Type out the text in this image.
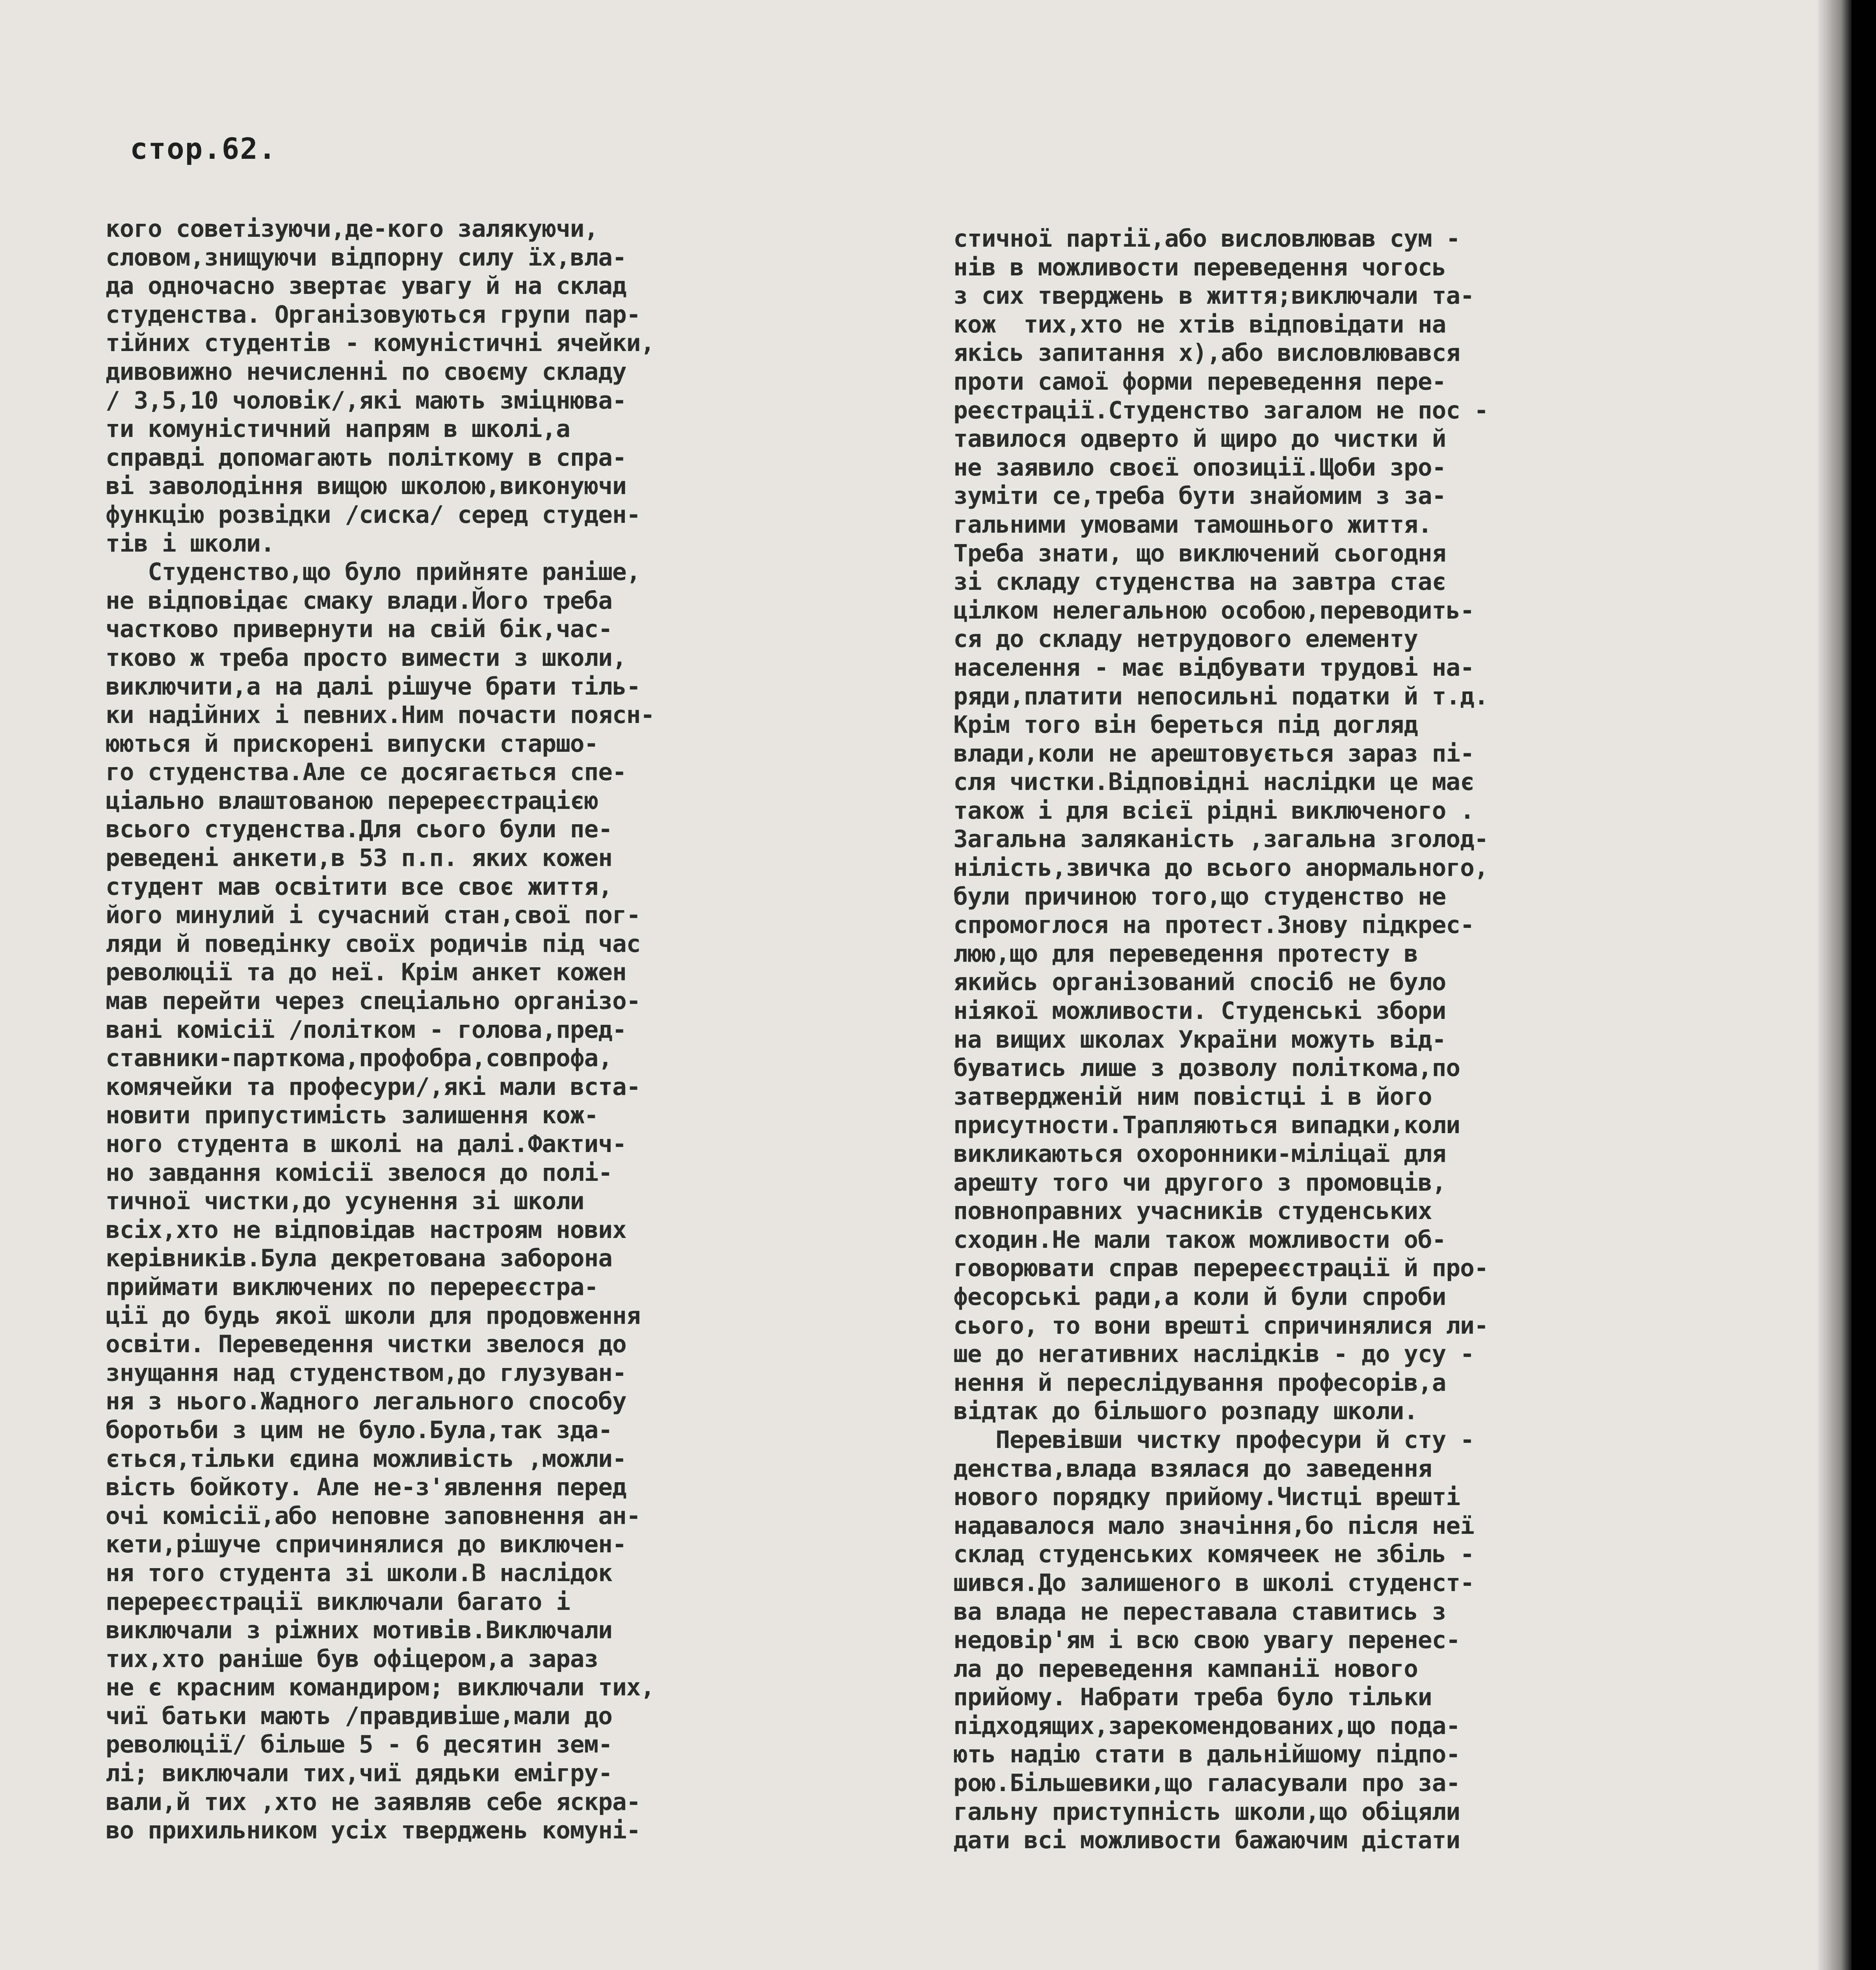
стор.62.
кого советізуючи,де-кого залякуючи,
словом,знищуючи відпорну силу їх,вла-
да одночасно звертає увагу й на склад
студенства. Організовуються групи пар-
тійних студентів - комуністичні ячейки,
дивовижно нечисленні по своєму складу
/ 3,5,10 чоловік/,які мають зміцнюва-
ти комуністичний напрям в школі,а
справді допомагають політкому в спра-
ві заволодіння вищою школою,виконуючи
функцію розвідки /сиска/ серед студен-
тів і школи.
Студенство,що було прийняте раніше,
не відповідає смаку влади.Його треба
частково привернути на свій бік,час-
тково ж треба просто вимести з школи,
виключити,а на далі рішуче брати тіль-
ки надійних і певних.Ним почасти поясн-
юються й прискорені випуски старшо-
го студенства.Але се досягається спе-
ціально влаштованою перереєстрацією
всього студенства.Для сього були пе-
реведені анкети,в 53 п.п. яких кожен
студент мав освітити все своє життя,
його минулий і сучасний стан,свої пог-
ляди й поведінку своїх родичів під час
революції та до неї. Крім анкет кожен
мав перейти через спеціально організо-
вані комісії /політком - голова,пред-
ставники-парткома,профобра,совпрофа,
комячейки та професури/,які мали вста-
новити припустимість залишення кож-
ного студента в школі на далі.Фактич-
но завдання комісії звелося до полі-
тичної чистки,до усунення зі школи
всіх,хто не відповідав настроям нових
керівників.Була декретована заборона
приймати виключених по перереєстра-
ції до будь якої школи для продовження
освіти. Переведення чистки звелося до
знущання над студенством,до глузуван-
ня з нього.Жадного легального способу
боротьби з цим не було.Була,так зда-
ється,тільки єдина можливість ,можли-
вість бойкоту. Але не-з'явлення перед
очі комісії,або неповне заповнення ан-
кети,рішуче спричинялися до виключен-
ня того студента зі школи.В наслідок
перереєстрації виключали багато і
виключали з ріжних мотивів.Виключали
тих,хто раніше був офіцером,а зараз
не є красним командиром; виключали тих,
чиї батьки мають /правдивіше,мали до
революції/ більше 5 - 6 десятин зем-
лі; виключали тих,чиї дядьки емігру-
вали,й тих ,хто не заявляв себе яскра-
во прихильником усіх тверджень комуні-
стичної партії,або висловлював сум -
нів в можливости переведення чогось
з сих тверджень в життя;виключали та-
кож  тих,хто не хтів відповідати на
якісь запитання х),або висловлювався
проти самої форми переведення пере-
реєстрації.Студенство загалом не пос -
тавилося одверто й щиро до чистки й
не заявило своєї опозиції.Щоби зро-
зуміти се,треба бути знайомим з за-
гальними умовами тамошнього життя.
Треба знати, що виключений сьогодня
зі складу студенства на завтра стає
цілком нелегальною особою,переводить-
ся до складу нетрудового елементу
населення - має відбувати трудові на-
ряди,платити непосильні податки й т.д.
Крім того він береться під догляд
влади,коли не арештовується зараз пі-
сля чистки.Відповідні наслідки це має
також і для всієї рідні виключеного .
Загальна заляканість ,загальна зголод-
нілість,звичка до всього анормального,
були причиною того,що студенство не
спромоглося на протест.Знову підкрес-
люю,що для переведення протесту в
якийсь організований спосіб не було
ніякої можливости. Студенські збори
на вищих школах України можуть від-
буватись лише з дозволу політкома,по
затвердженій ним повістці і в його
присутности.Трапляються випадки,коли
викликаються охоронники-міліцаї для
арешту того чи другого з промовців,
повноправних учасників студенських
сходин.Не мали також можливости об-
говорювати справ перереєстрації й про-
фесорські ради,а коли й були спроби
сього, то вони врешті спричинялися ли-
ше до негативних наслідків - до усу -
нення й переслідування професорів,а
відтак до більшого розпаду школи.
Перевівши чистку професури й сту -
денства,влада взялася до заведення
нового порядку прийому.Чистці врешті
надавалося мало значіння,бо після неї
склад студенських комячеек не збіль -
шився.До залишеного в школі студенст-
ва влада не переставала ставитись з
недовір'ям і всю свою увагу перенес-
ла до переведення кампанії нового
прийому. Набрати треба було тільки
підходящих,зарекомендованих,що пода-
ють надію стати в дальнійшому підпо-
рою.Більшевики,що галасували про за-
гальну приступність школи,що обіцяли
дати всі можливости бажаючим дістати
